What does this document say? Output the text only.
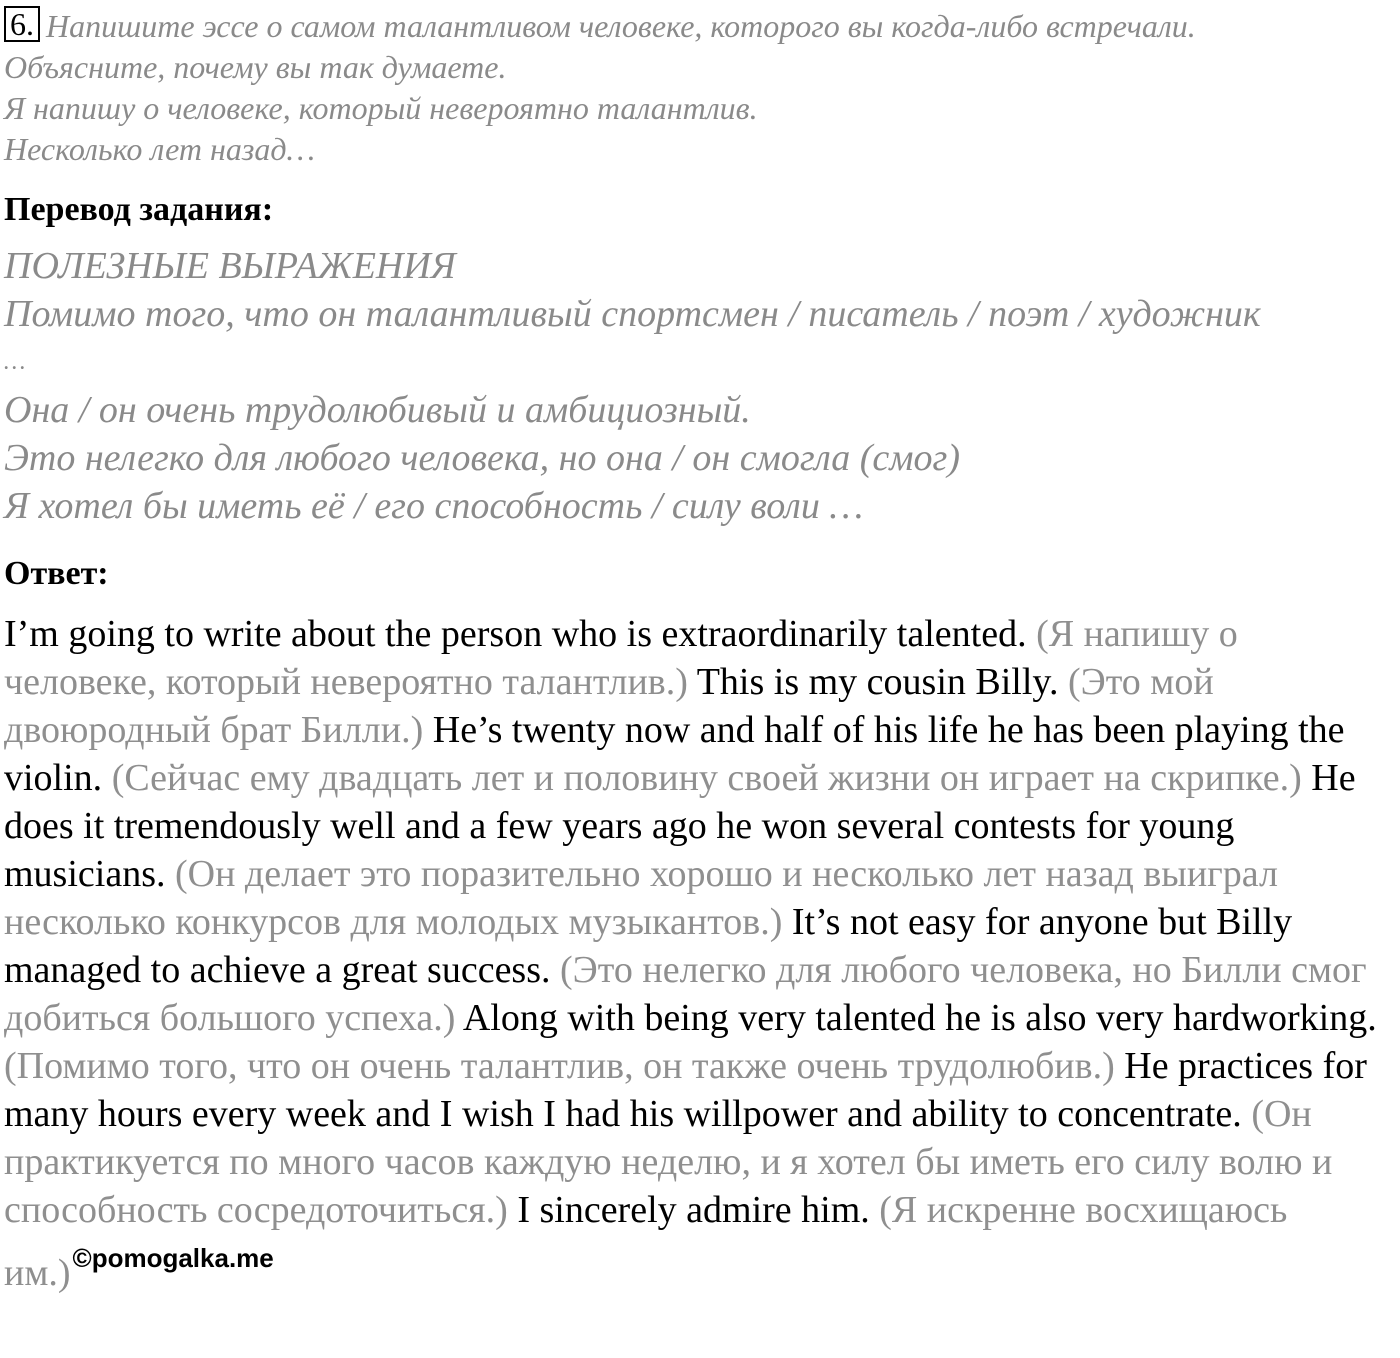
6. Напишите эссе о самом талантливом человеке, которого вы когда-либо встречали.
Объясните, почему вы так думаете.
Я напишу о человеке, который невероятно талантлив.
Несколько лет назад…

Перевод задания:
ПОЛЕЗНЫЕ ВЫРАЖЕНИЯ
Помимо того, что он талантливый спортсмен / писатель / поэт / художник
…
Она / он очень трудолюбивый и амбициозный.
Это нелегко для любого человека, но она / он смогла (смог)
Я хотел бы иметь её / его способность / силу воли …
Ответ:

I’m going to write about the person who is extraordinarily talented. (Я напишу о человеке, который невероятно талантлив.) This is my cousin Billy. (Это мой двоюродный брат Билли.) He’s twenty now and half of his life he has been playing the violin. (Сейчас ему двадцать лет и половину своей жизни он играет на скрипке.) He does it tremendously well and a few years ago he won several contests for young musicians. (Он делает это поразительно хорошо и несколько лет назад выиграл несколько конкурсов для молодых музыкантов.) It’s not easy for anyone but Billy managed to achieve a great success. (Это нелегко для любого человека, но Билли смог добиться большого успеха.) Along with being very talented he is also very hardworking. (Помимо того, что он очень талантлив, он также очень трудолюбив.) He practices for many hours every week and I wish I had his willpower and ability to concentrate. (Он практикуется по много часов каждую неделю, и я хотел бы иметь его силу волю и способность сосредоточиться.) I sincerely admire him. (Я искренне восхищаюсь им.)$^{©pomogalka.me}$
